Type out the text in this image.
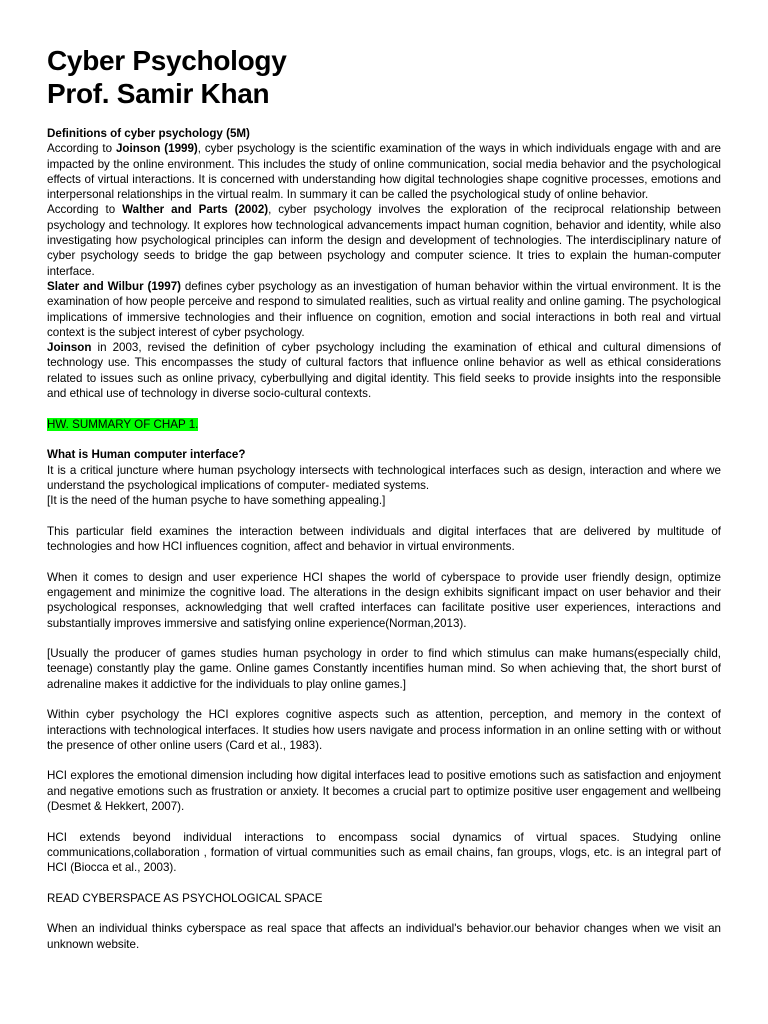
Cyber Psychology
Prof. Samir Khan

Definitions of cyber psychology (5M)

According to Joinson (1999), cyber psychology is the scientific examination of the ways in which individuals engage with and are impacted by the online environment. This includes the study of online communication, social media behavior and the psychological effects of virtual interactions. It is concerned with understanding how digital technologies shape cognitive processes, emotions and interpersonal relationships in the virtual realm. In summary it can be called the psychological study of online behavior.

According to Walther and Parts (2002), cyber psychology involves the exploration of the reciprocal relationship between psychology and technology. It explores how technological advancements impact human cognition, behavior and identity, while also investigating how psychological principles can inform the design and development of technologies. The interdisciplinary nature of cyber psychology seeds to bridge the gap between psychology and computer science. It tries to explain the human-computer interface.

Slater and Wilbur (1997) defines cyber psychology as an investigation of human behavior within the virtual environment. It is the examination of how people perceive and respond to simulated realities, such as virtual reality and online gaming. The psychological implications of immersive technologies and their influence on cognition, emotion and social interactions in both real and virtual context is the subject interest of cyber psychology.

Joinson in 2003, revised the definition of cyber psychology including the examination of ethical and cultural dimensions of technology use. This encompasses the study of cultural factors that influence online behavior as well as ethical considerations related to issues such as online privacy, cyberbullying and digital identity. This field seeks to provide insights into the responsible and ethical use of technology in diverse socio-cultural contexts.

HW. SUMMARY OF CHAP 1.

What is Human computer interface?

It is a critical juncture where human psychology intersects with technological interfaces such as design, interaction and where we understand the psychological implications of computer- mediated systems.

[It is the need of the human psyche to have something appealing.]

This particular field examines the interaction between individuals and digital interfaces that are delivered by multitude of technologies and how HCI influences cognition, affect and behavior in virtual environments.

When it comes to design and user experience HCI shapes the world of cyberspace to provide user friendly design, optimize engagement and minimize the cognitive load. The alterations in the design exhibits significant impact on user behavior and their psychological responses, acknowledging that well crafted interfaces can facilitate positive user experiences, interactions and substantially improves immersive and satisfying online experience(Norman,2013).

[Usually the producer of games studies human psychology in order to find which stimulus can make humans(especially child, teenage) constantly play the game. Online games Constantly incentifies human mind. So when achieving that, the short burst of adrenaline makes it addictive for the individuals to play online games.]

Within cyber psychology the HCI explores cognitive aspects such as attention, perception, and memory in the context of interactions with technological interfaces. It studies how users navigate and process information in an online setting with or without the presence of other online users (Card et al., 1983).

HCI explores the emotional dimension including how digital interfaces lead to positive emotions such as satisfaction and enjoyment and negative emotions such as frustration or anxiety. It becomes a crucial part to optimize positive user engagement and wellbeing (Desmet & Hekkert, 2007).

HCI extends beyond individual interactions to encompass social dynamics of virtual spaces. Studying online communications,collaboration , formation of virtual communities such as email chains, fan groups, vlogs, etc. is an integral part of HCI (Biocca et al., 2003).

READ CYBERSPACE AS PSYCHOLOGICAL SPACE

When an individual thinks cyberspace as real space that affects an individual's behavior.our behavior changes when we visit an unknown website.
